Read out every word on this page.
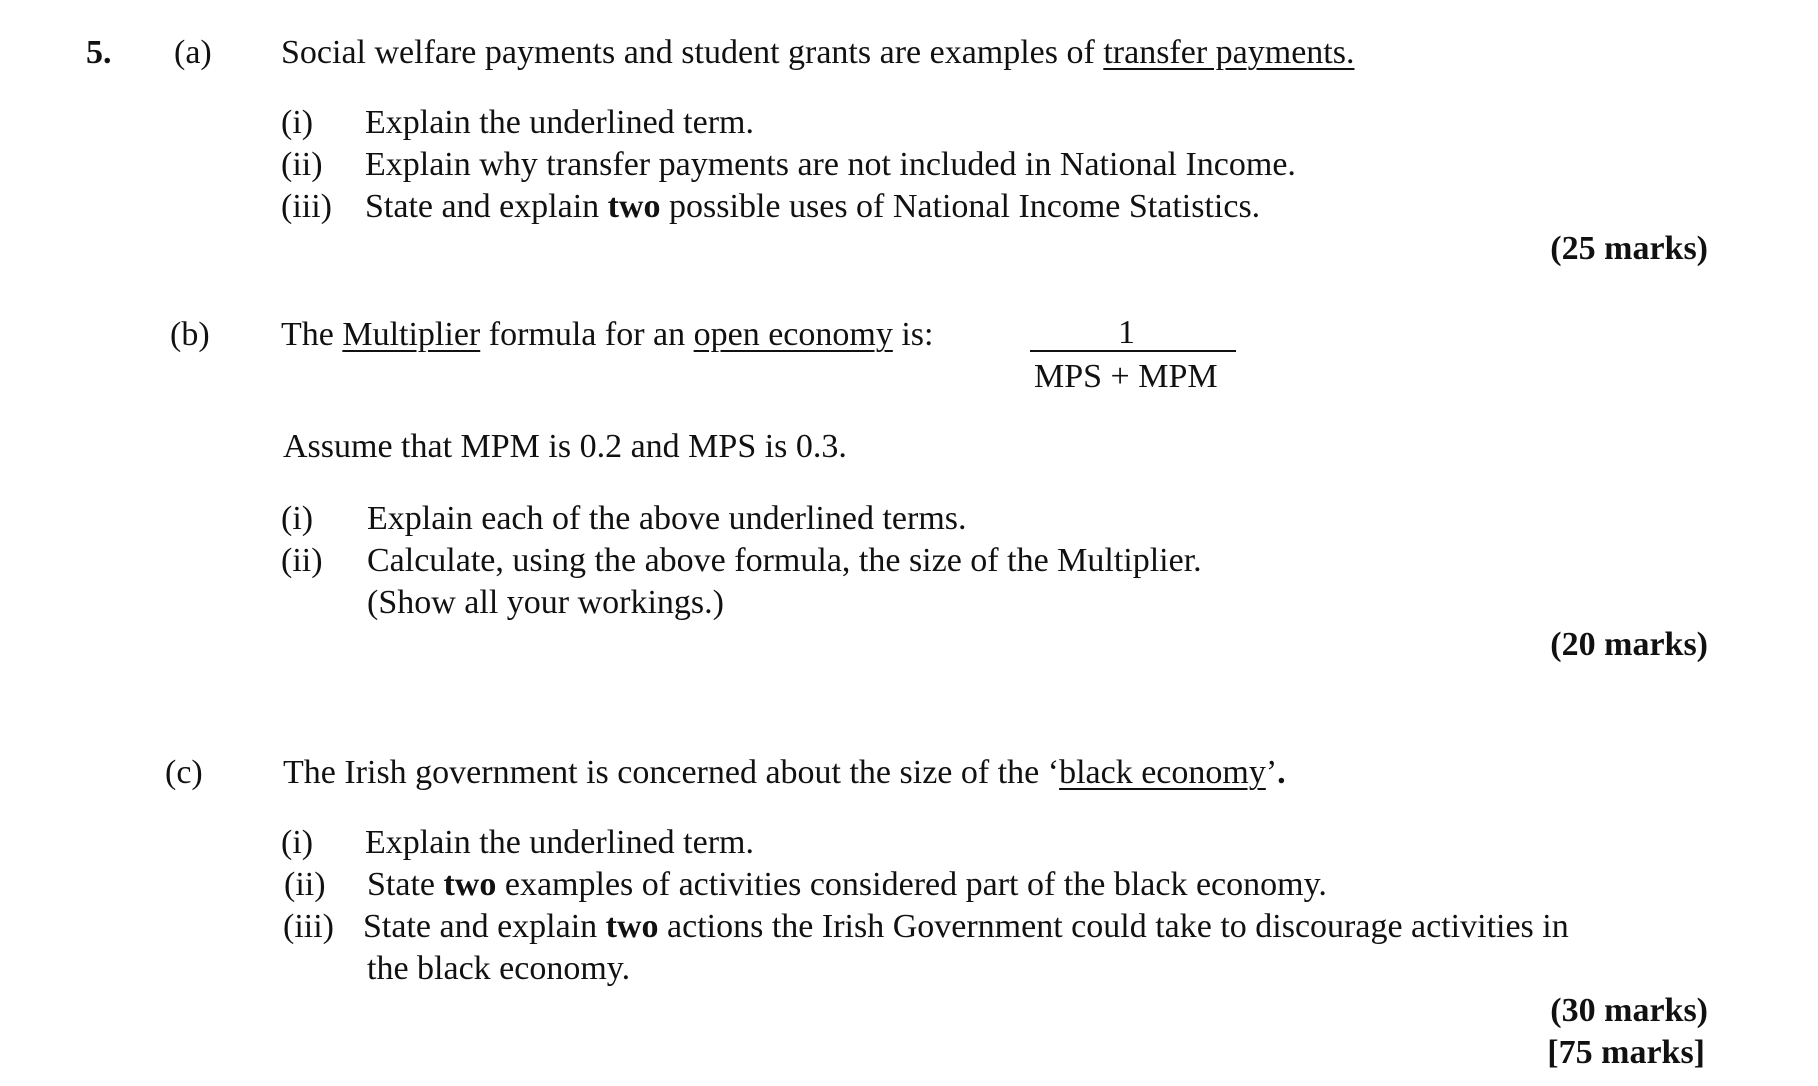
5. (a) Social welfare payments and student grants are examples of transfer payments.
(i) Explain the underlined term.
(ii) Explain why transfer payments are not included in National Income.
(iii) State and explain two possible uses of National Income Statistics.
(25 marks)
(b) The Multiplier formula for an open economy is:	1
MPS + MPM
Assume that MPM is 0.2 and MPS is 0.3.
(i) Explain each of the above underlined terms.
(ii) Calculate, using the above formula, the size of the Multiplier.
(Show all your workings.)
(20 marks)
(c) The Irish government is concerned about the size of the ‘black economy’.
(i) Explain the underlined term.
(ii) State two examples of activities considered part of the black economy.
(iii) State and explain two actions the Irish Government could take to discourage activities in
the black economy.
(30 marks)
[75 marks]
